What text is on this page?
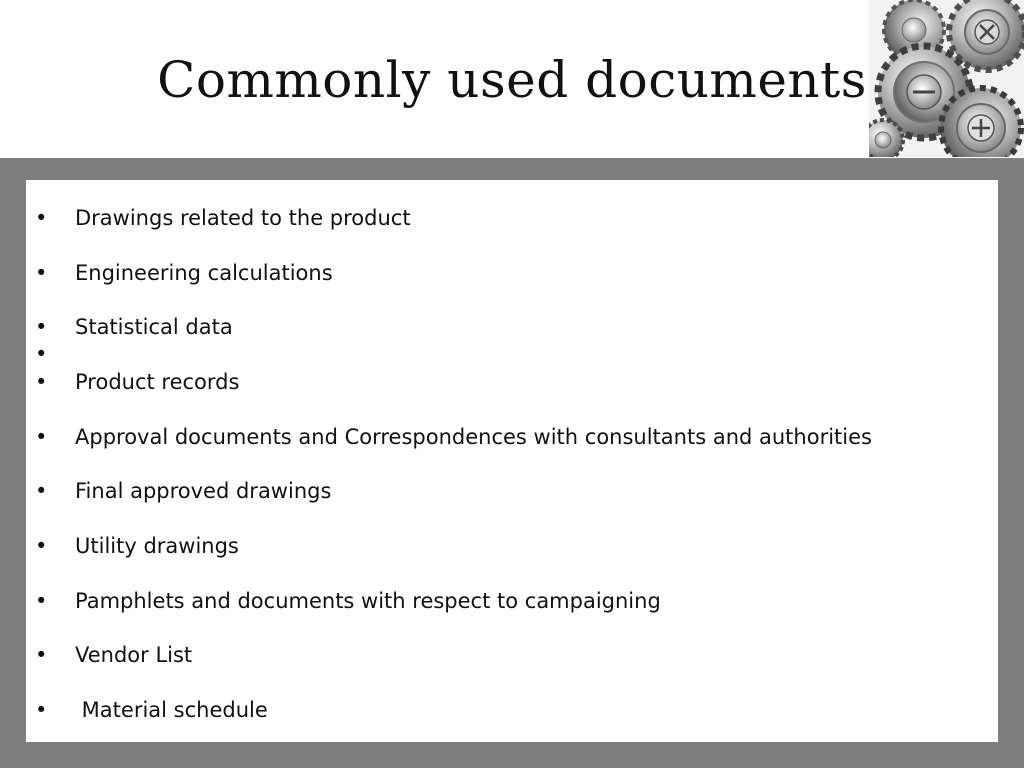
Commonly used documents
• Drawings related to the product
• Engineering calculations
• Statistical data
•
• Product records
• Approval documents and Correspondences with consultants and authorities
• Final approved drawings
• Utility drawings
• Pamphlets and documents with respect to campaigning
• Vendor List
• Material schedule
